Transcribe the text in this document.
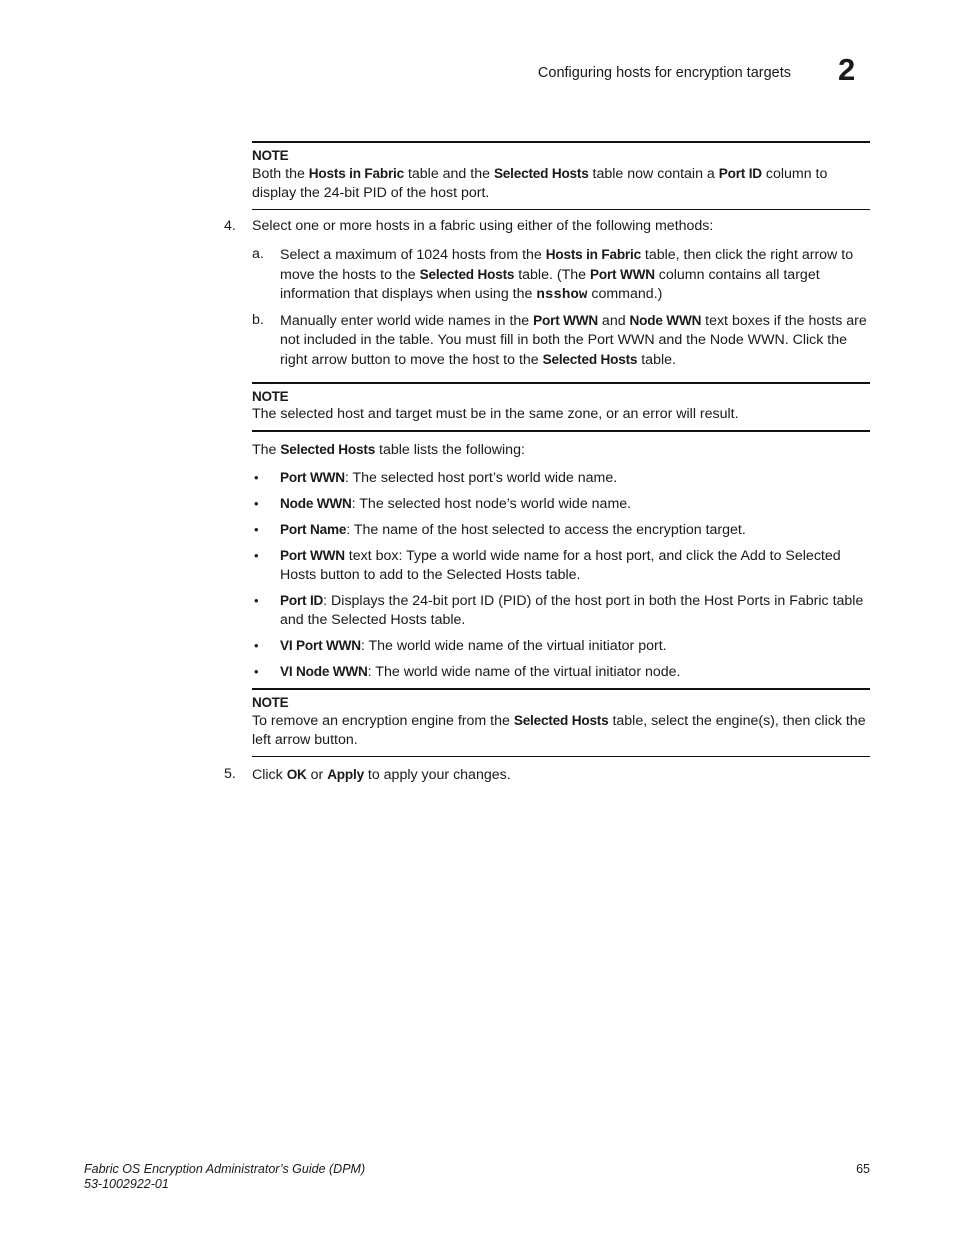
Configuring hosts for encryption targets 2
NOTE
Both the Hosts in Fabric table and the Selected Hosts table now contain a Port ID column to display the 24-bit PID of the host port.
4. Select one or more hosts in a fabric using either of the following methods:
a. Select a maximum of 1024 hosts from the Hosts in Fabric table, then click the right arrow to move the hosts to the Selected Hosts table. (The Port WWN column contains all target information that displays when using the nsshow command.)
b. Manually enter world wide names in the Port WWN and Node WWN text boxes if the hosts are not included in the table. You must fill in both the Port WWN and the Node WWN. Click the right arrow button to move the host to the Selected Hosts table.
NOTE
The selected host and target must be in the same zone, or an error will result.
The Selected Hosts table lists the following:
• Port WWN: The selected host port’s world wide name.
• Node WWN: The selected host node’s world wide name.
• Port Name: The name of the host selected to access the encryption target.
• Port WWN text box: Type a world wide name for a host port, and click the Add to Selected Hosts button to add to the Selected Hosts table.
• Port ID: Displays the 24-bit port ID (PID) of the host port in both the Host Ports in Fabric table and the Selected Hosts table.
• VI Port WWN: The world wide name of the virtual initiator port.
• VI Node WWN: The world wide name of the virtual initiator node.
NOTE
To remove an encryption engine from the Selected Hosts table, select the engine(s), then click the left arrow button.
5. Click OK or Apply to apply your changes.
Fabric OS Encryption Administrator’s Guide (DPM)
53-1002922-01
65
